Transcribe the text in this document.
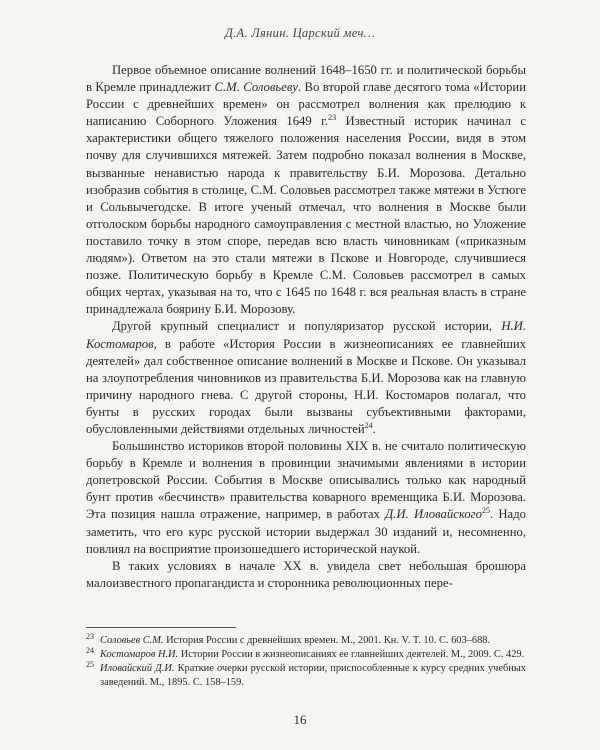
Д.А. Лянин. Царский меч…

Первое объемное описание волнений 1648–1650 гг. и политической борьбы в Кремле принадлежит С.М. Соловьеву. Во второй главе десятого тома «Истории России с древнейших времен» он рассмотрел волнения как прелюдию к написанию Соборного Уложения 1649 г.$^{23}$ Известный историк начинал с характеристики общего тяжелого положения населения России, видя в этом почву для случившихся мятежей. Затем подробно показал волнения в Москве, вызванные ненавистью народа к правительству Б.И. Морозова. Детально изобразив события в столице, С.М. Соловьев рассмотрел также мятежи в Устюге и Сольвычегодске. В итоге ученый отмечал, что волнения в Москве были отголоском борьбы народного самоуправления с местной властью, но Уложение поставило точку в этом споре, передав всю власть чиновникам («приказным людям»). Ответом на это стали мятежи в Пскове и Новгороде, случившиеся позже. Политическую борьбу в Кремле С.М. Соловьев рассмотрел в самых общих чертах, указывая на то, что с 1645 по 1648 г. вся реальная власть в стране принадлежала боярину Б.И. Морозову.

Другой крупный специалист и популяризатор русской истории, Н.И. Костомаров, в работе «История России в жизнеописаниях ее главнейших деятелей» дал собственное описание волнений в Москве и Пскове. Он указывал на злоупотребления чиновников из правительства Б.И. Морозова как на главную причину народного гнева. С другой стороны, Н.И. Костомаров полагал, что бунты в русских городах были вызваны субъективными факторами, обусловленными действиями отдельных личностей$^{24}$.

Большинство историков второй половины XIX в. не считало политическую борьбу в Кремле и волнения в провинции значимыми явлениями в истории допетровской России. События в Москве описывались только как народный бунт против «бесчинств» правительства коварного временщика Б.И. Морозова. Эта позиция нашла отражение, например, в работах Д.И. Иловайского$^{25}$. Надо заметить, что его курс русской истории выдержал 30 изданий и, несомненно, повлиял на восприятие произошедшего исторической наукой.

В таких условиях в начале XX в. увидела свет небольшая брошюра малоизвестного пропагандиста и сторонника революционных пере-

23 Соловьев С.М. История России с древнейших времен. М., 2001. Кн. V. Т. 10. С. 603–688.

24 Костомаров Н.И. Истории России в жизнеописаниях ее главнейших деятелей. М., 2009. С. 429.

25 Иловайский Д.И. Краткие очерки русской истории, приспособленные к курсу средних учебных заведений. М., 1895. С. 158–159.

16
